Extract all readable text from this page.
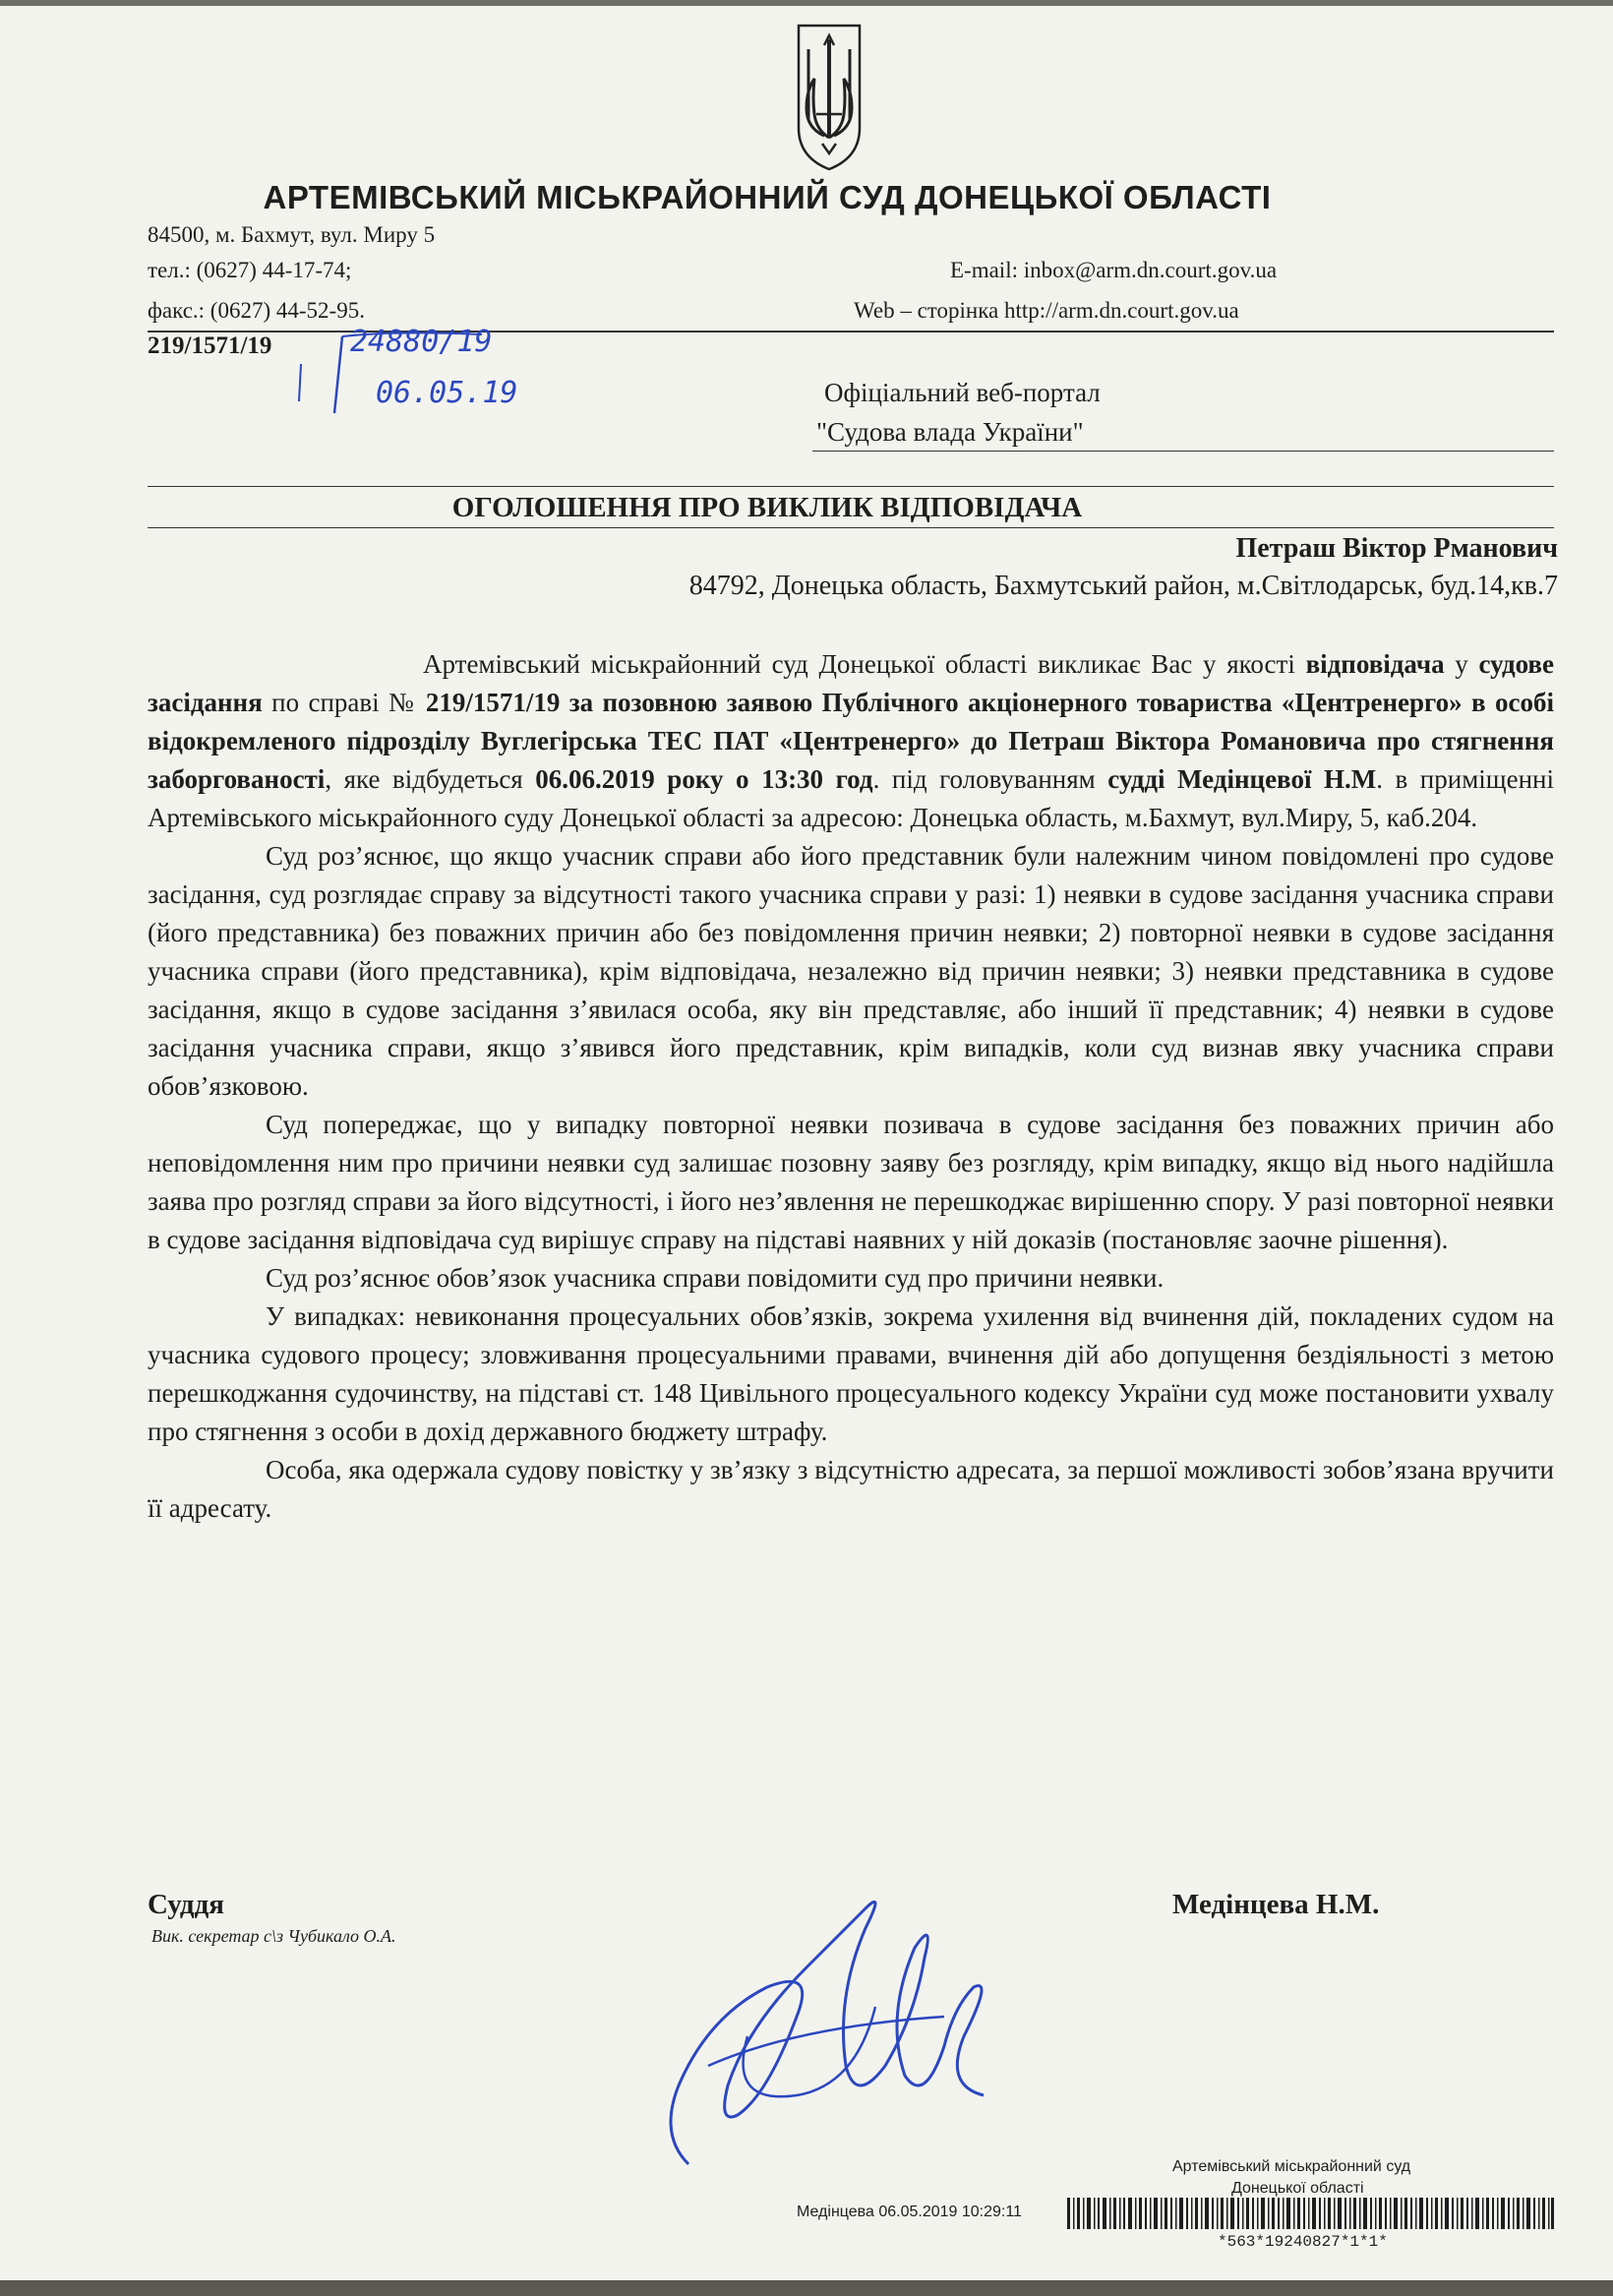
АРТЕМІВСЬКИЙ МІСЬКРАЙОННИЙ СУД ДОНЕЦЬКОЇ ОБЛАСТІ
84500, м. Бахмут, вул. Миру 5
тел.: (0627) 44-17-74;
факс.: (0627) 44-52-95.
E-mail: inbox@arm.dn.court.gov.ua
Web – сторінка http://arm.dn.court.gov.ua
219/1571/19	24880/19
06.05.19	Офіціальний веб-портал
"Судова влада України"
ОГОЛОШЕННЯ ПРО ВИКЛИК ВІДПОВІДАЧА
Петраш Віктор Рманович
84792, Донецька область, Бахмутський район, м.Світлодарськ, буд.14,кв.7

Артемівський міськрайонний суд Донецької області викликає Вас у якості відповідача у судове засідання по справі № 219/1571/19 за позовною заявою Публічного акціонерного товариства «Центренерго» в особі відокремленого підрозділу Вуглегірська ТЕС ПАТ «Центренерго» до Петраш Віктора Романовича про стягнення заборгованості, яке відбудеться 06.06.2019 року о 13:30 год. під головуванням судді Медінцевої Н.М. в приміщенні Артемівського міськрайонного суду Донецької області за адресою: Донецька область, м.Бахмут, вул.Миру, 5, каб.204.

Суд роз’яснює, що якщо учасник справи або його представник були належним чином повідомлені про судове засідання, суд розглядає справу за відсутності такого учасника справи у разі: 1) неявки в судове засідання учасника справи (його представника) без поважних причин або без повідомлення причин неявки; 2) повторної неявки в судове засідання учасника справи (його представника), крім відповідача, незалежно від причин неявки; 3) неявки представника в судове засідання, якщо в судове засідання з’явилася особа, яку він представляє, або інший її представник; 4) неявки в судове засідання учасника справи, якщо з’явився його представник, крім випадків, коли суд визнав явку учасника справи обов’язковою.

Суд попереджає, що у випадку повторної неявки позивача в судове засідання без поважних причин або неповідомлення ним про причини неявки суд залишає позовну заяву без розгляду, крім випадку, якщо від нього надійшла заява про розгляд справи за його відсутності, і його нез’явлення не перешкоджає вирішенню спору. У разі повторної неявки в судове засідання відповідача суд вирішує справу на підставі наявних у ній доказів (постановляє заочне рішення).

Суд роз’яснює обов’язок учасника справи повідомити суд про причини неявки.

У випадках: невиконання процесуальних обов’язків, зокрема ухилення від вчинення дій, покладених судом на учасника судового процесу; зловживання процесуальними правами, вчинення дій або допущення бездіяльності з метою перешкоджання судочинству, на підставі ст. 148 Цивільного процесуального кодексу України суд може постановити ухвалу про стягнення з особи в дохід державного бюджету штрафу.

Особа, яка одержала судову повістку у зв’язку з відсутністю адресата, за першої можливості зобов’язана вручити її адресату.

Суддя
Вик. секретар с\з Чубикало О.А.
Медінцева Н.М.
Артемівський міськрайонний суд
Донецької області
Медінцева 06.05.2019 10:29:11
*563*19240827*1*1*
